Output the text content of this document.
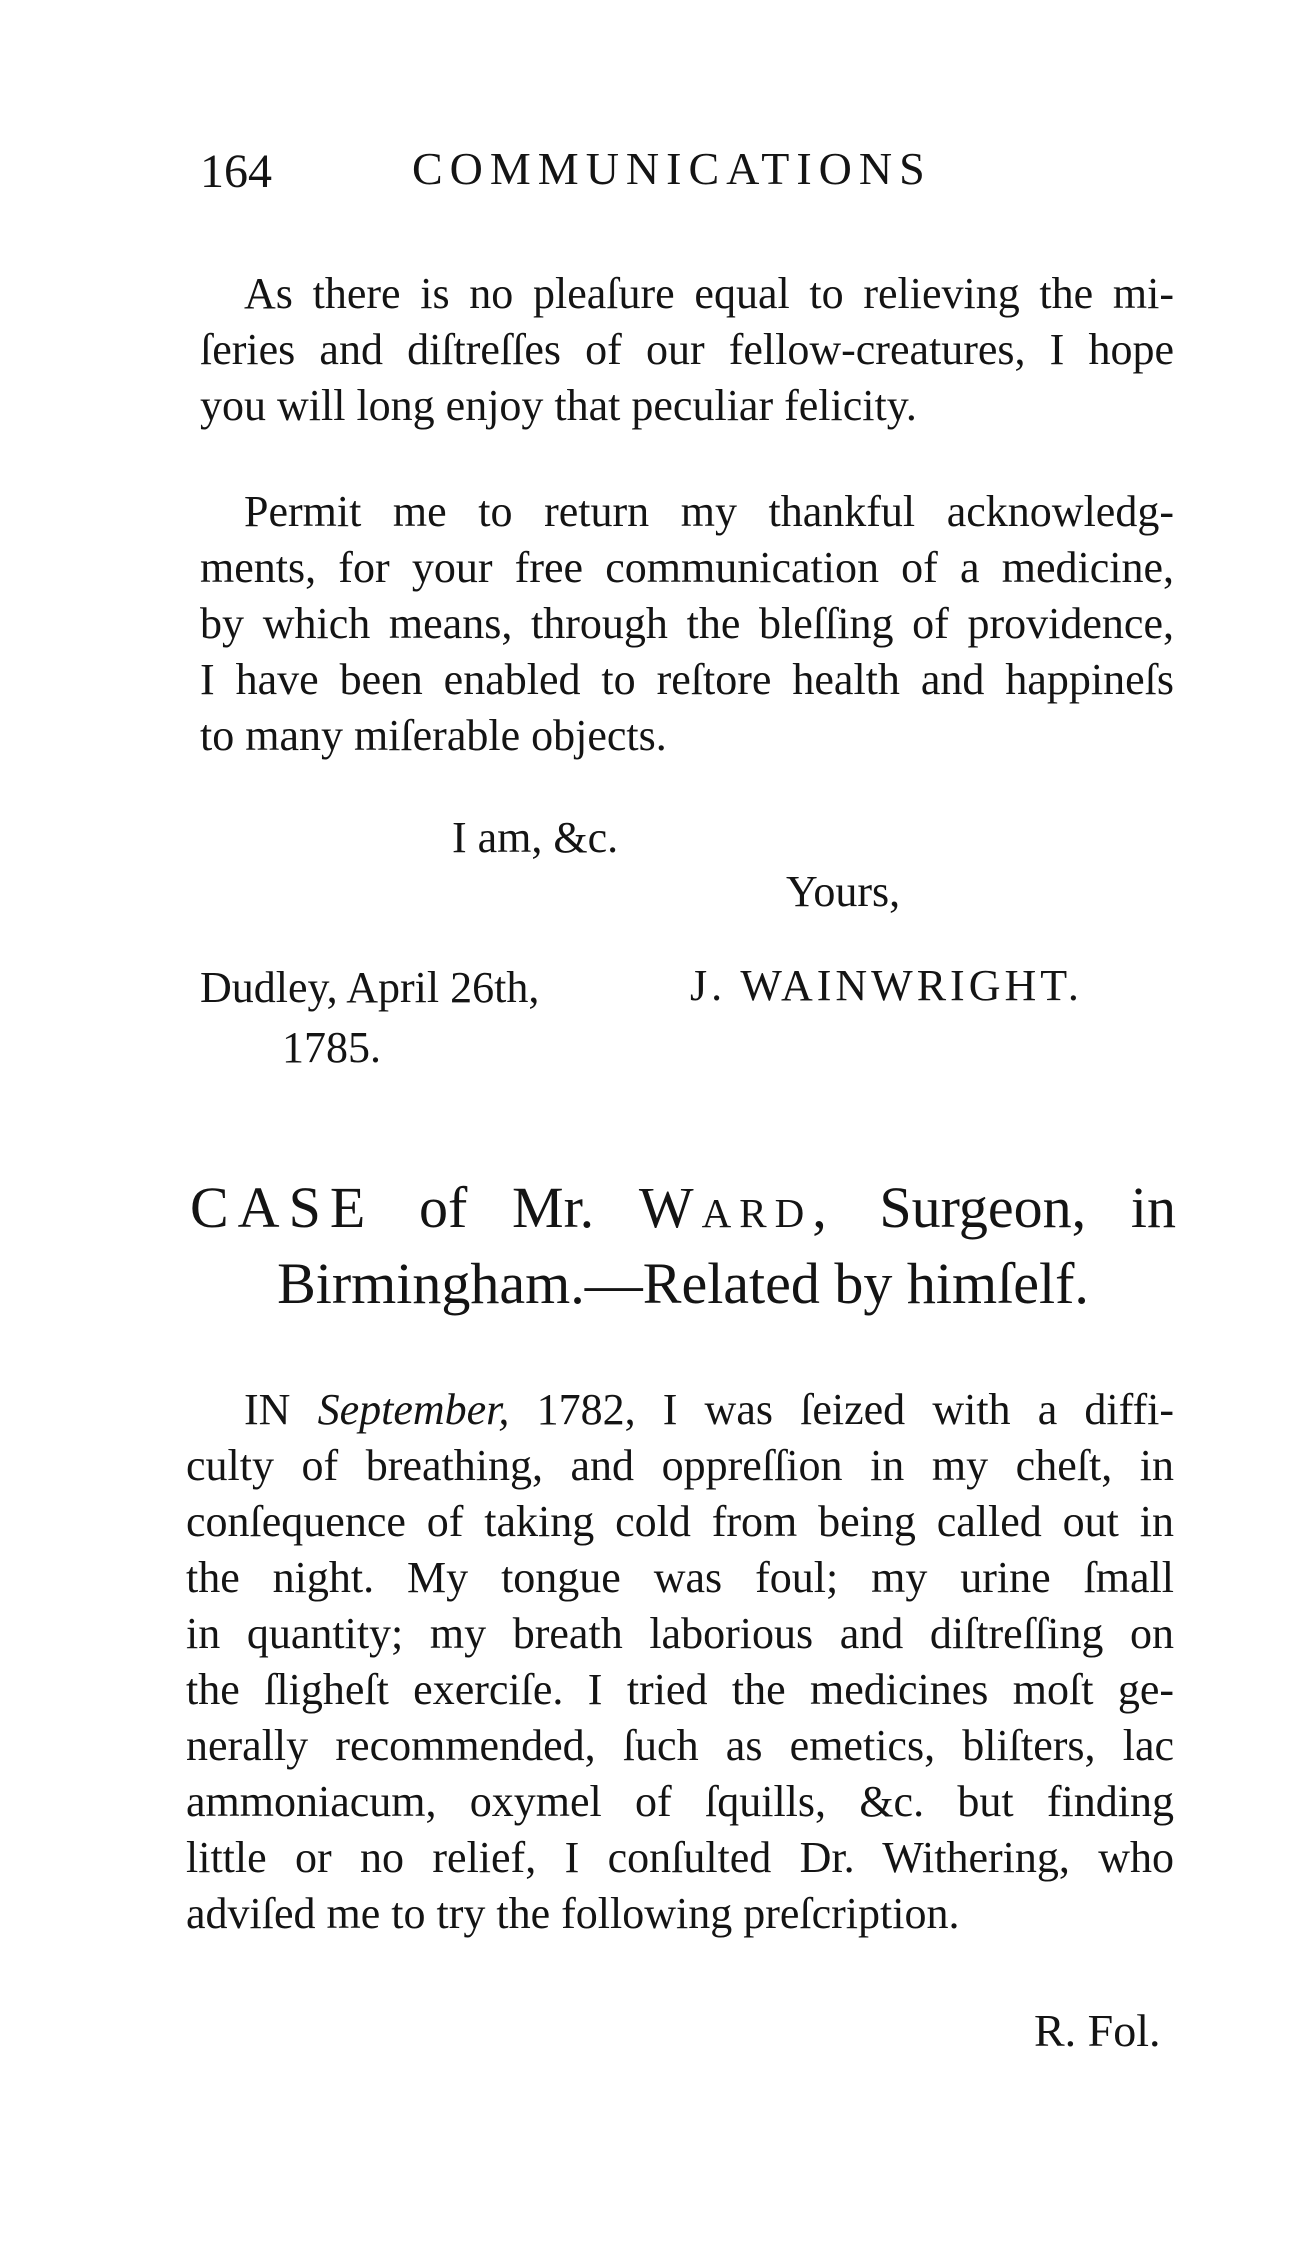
164	COMMUNICATIONS
As there is no pleaſure equal to relieving the mi-
ſeries and diſtreſſes of our fellow-creatures, I hope
you will long enjoy that peculiar felicity.
Permit me to return my thankful acknowledg-
ments, for your free communication of a medicine,
by which means, through the bleſſing of providence,
I have been enabled to reſtore health and happineſs
to many miſerable objects.
I am, &c.
Yours,
Dudley, April 26th,
1785.
J. WAINWRIGHT.
CASE of Mr. Ward, Surgeon, in
Birmingham.—Related by himſelf.
IN September, 1782, I was ſeized with a diffi-
culty of breathing, and oppreſſion in my cheſt, in
conſequence of taking cold from being called out in
the night. My tongue was foul; my urine ſmall
in quantity; my breath laborious and diſtreſſing on
the ſligheſt exerciſe. I tried the medicines moſt ge-
nerally recommended, ſuch as emetics, bliſters, lac
ammoniacum, oxymel of ſquills, &c. but finding
little or no relief, I conſulted Dr. Withering, who
adviſed me to try the following preſcription.
R. Fol.
